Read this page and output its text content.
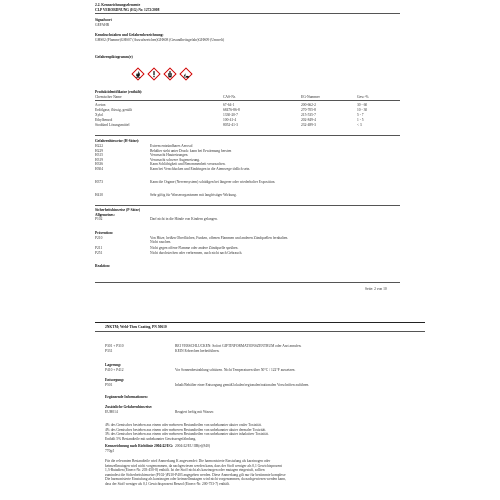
2.2. Kennzeichnungselemente
CLP VERORDNUNG (EG) Nr. 1272/2008
Signalwort
GEFAHR
Kennbuchstaben und Gefahrenbezeichnung:
GHS02 (Flamme)GHS07 (Ausrufezeichen)GHS08 (Gesundheitsgefahr)GHS09 (Umwelt)
Gefahrenpiktogramm(e)
Produktidentifikator (enthält):
Chemischer Name	CAS-Nr.	EG-Nummer	Gew.-%
Aceton	67-64-1	200-662-2	30 - 60
Erdölgase, flüssig, gesüßt	68476-86-8	270-705-8	10 - 30
Xylol	1330-20-7	215-535-7	5 - 7
Ethylbenzol	100-41-4	202-849-4	1 - 5
Stoddard Lösungsmittel	8052-41-3	232-489-3	< 3
Gefahrenhinweise (H-Sätze):
H222	Extrem entzündbares Aerosol
H229	Behälter steht unter Druck: kann bei Erwärmung bersten
H315	Verursacht Hautreizungen.
H319	Verursacht schwere Augenreizung.
H336	Kann Schläfrigkeit und Benommenheit verursachen.
H304	Kann bei Verschlucken und Eindringen in die Atemwege tödlich sein.
H373	Kann die Organe (Nervensystem) schädigen bei längerer oder wiederholter Exposition.
H410	Sehr giftig für Wasserorganismen mit langfristiger Wirkung.
Sicherheitshinweise (P-Sätze)
Allgemeines:
P102	Darf nicht in die Hände von Kindern gelangen.
Prävention:
P210	Von Hitze, heißen Oberflächen, Funken, offenen Flammen und anderen Zündquellen fernhalten.
Nicht rauchen.
P211	Nicht gegen offene Flamme oder andere Zündquelle sprühen.
P251	Nicht durchstechen oder verbrennen, auch nicht nach Gebrauch.
Reaktion:
Seite: 2 von 10
2NKTM; Weld-Thru Coating, PN 50610
P301 + P310	BEI VERSCHLUCKEN: Sofort GIFTINFORMATIONSZENTRUM oder Arzt anrufen.
P331	KEIN Erbrechen herbeiführen.
Lagerung:
P410 + P412	Vor Sonnenbestrahlung schützen. Nicht Temperaturen über 50°C / 122°F aussetzen.
Entsorgung:
P501	Inhalt/Behälter einer Entsorgung gemäß lokalen/regionalen/nationalen Vorschriften zuführen.
Ergänzende Informationen:
Zusätzliche Gefahrenhinweise:
EUH014	Reagiert heftig mit Wasser.
4% des Gemisches bestehen aus einem oder mehreren Bestandteilen von unbekannter akuter oraler Toxizität.
4% des Gemisches bestehen aus einem oder mehreren Bestandteilen von unbekannter akuter dermaler Toxizität.
3% des Gemisches bestehen aus einem oder mehreren Bestandteilen von unbekannter akuter inhalativer Toxizität.
Enthält 5% Bestandteile mit unbekannter Gewässergefährdung.
Kennzeichnung nach Richtlinie 2004/42/EG: 2004/42/EU IIB(e)(840)
770g/l
Für die relevanten Bestandteile wird Anmerkung K angewendet: Die harmonisierte Einstufung als karzinogen oder
keimzellmutagen wird nicht vorgenommen, da nachgewiesen werden kann, dass der Stoff weniger als 0,1 Gewichtsprozent
1,3-Butadien (Einecs-Nr. 203-450-8) enthält. Ist der Stoff nicht als karzinogen oder mutagen eingestuft, sollten
zumindest die Sicherheitshinweise (P102-)P210-P403 angegeben werden. Diese Anmerkung gilt nur für bestimmte komplexe
Die harmonisierte Einstufung als karzinogen oder keimzellmutagen wird nicht vorgenommen, da nachgewiesen werden kann,
dass der Stoff weniger als 0,1 Gewichtsprozent Benzol (Einecs-Nr. 200-753-7) enthält.
